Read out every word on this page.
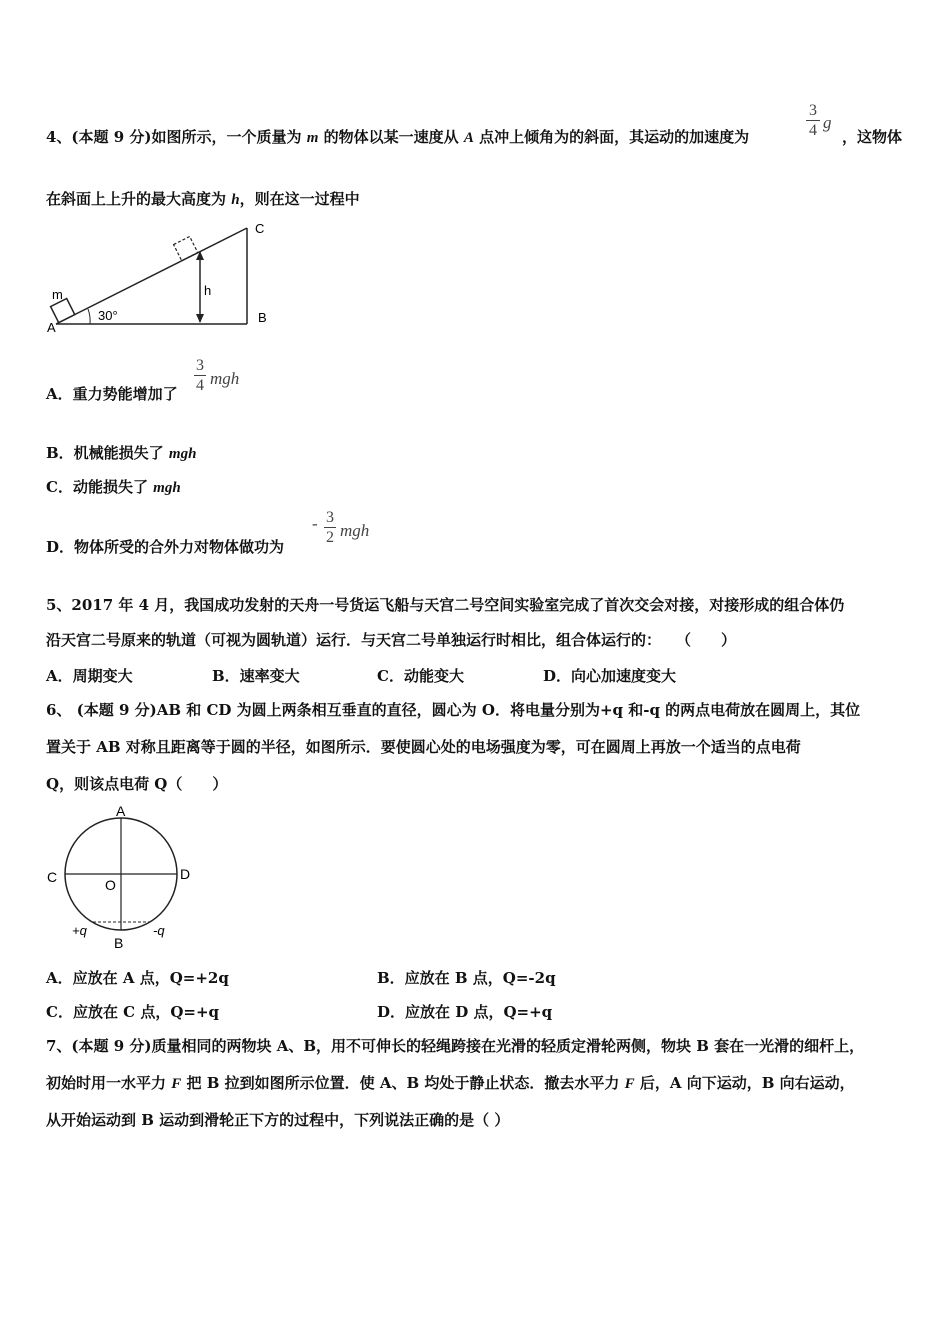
4、(本题 9 分)如图所示，一个质量为 m 的物体以某一速度从 A 点冲上倾角为的斜面，其运动的加速度为
3
4 g
，这物体
在斜面上上升的最大高度为 h，则在这一过程中
h
30°
C
B
A
m
A．重力势能增加了
3
4 mgh
B．机械能损失了 mgh
C．动能损失了 mgh
D．物体所受的合外力对物体做功为
- 3
2 mgh
5、2017 年 4 月，我国成功发射的天舟一号货运飞船与天宫二号空间实验室完成了首次交会对接，对接形成的组合体仍
沿天宫二号原来的轨道（可视为圆轨道）运行．与天宫二号单独运行时相比，组合体运行的：　　（　　）
A．周期变大	B．速率变大	C．动能变大	D．向心加速度变大
6、 (本题 9 分)AB 和 CD 为圆上两条相互垂直的直径，圆心为 O．将电量分别为+q 和-q 的两点电荷放在圆周上，其位
置关于 AB 对称且距离等于圆的半径，如图所示．要使圆心处的电场强度为零，可在圆周上再放一个适当的点电荷
Q，则该点电荷 Q（　　）
A
B
C	D
O
+q	-q
A．应放在 A 点，Q=+2q	B．应放在 B 点，Q=-2q
C．应放在 C 点，Q=+q	D．应放在 D 点，Q=+q
7、(本题 9 分)质量相同的两物块 A、B，用不可伸长的轻绳跨接在光滑的轻质定滑轮两侧，物块 B 套在一光滑的细杆上，
初始时用一水平力 F 把 B 拉到如图所示位置．使 A、B 均处于静止状态．撤去水平力 F 后，A 向下运动，B 向右运动，
从开始运动到 B 运动到滑轮正下方的过程中，下列说法正确的是（ ）
